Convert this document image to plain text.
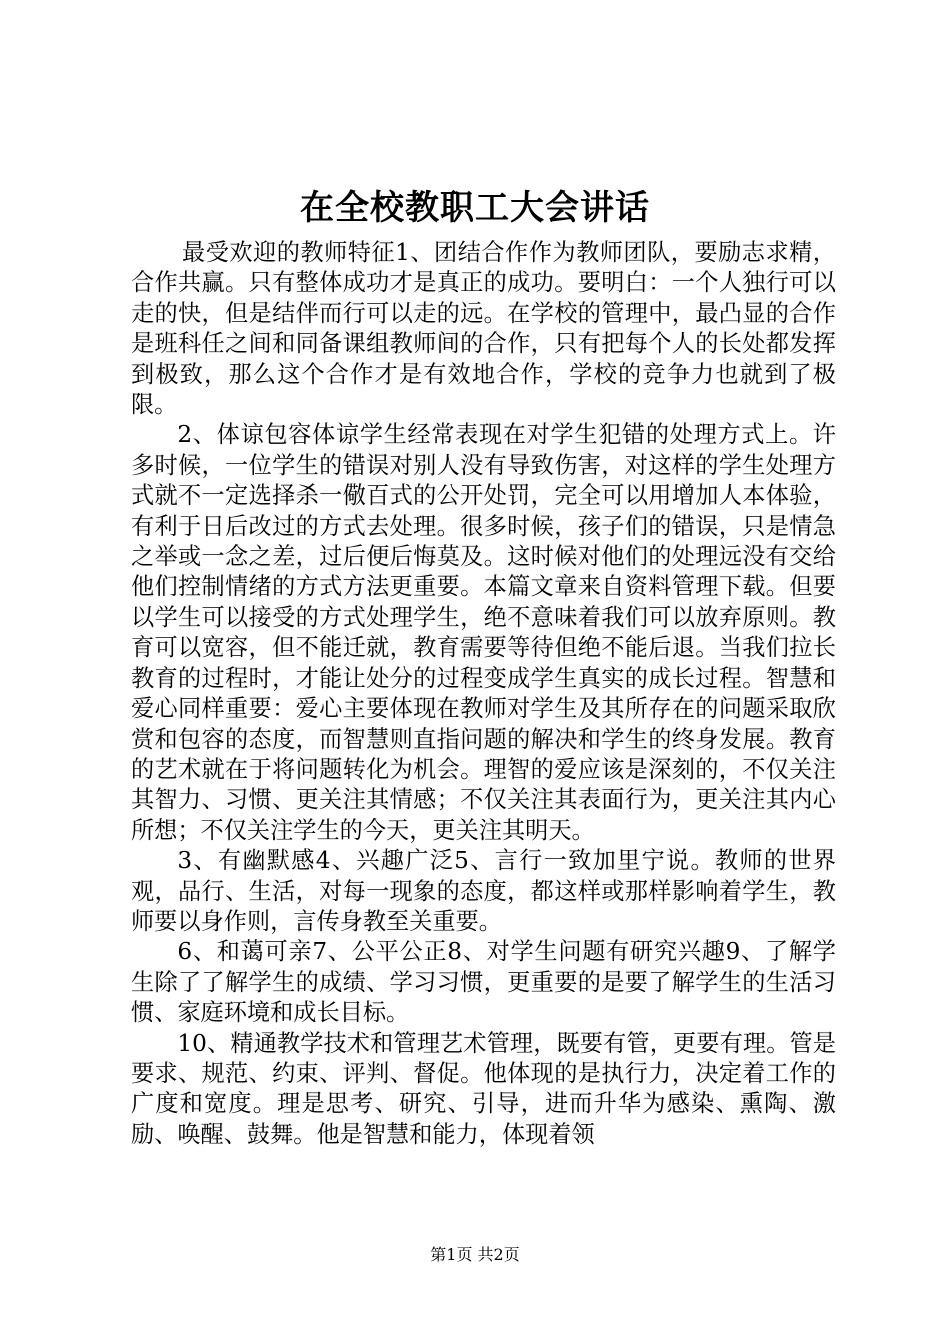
在全校教职工大会讲话

最受欢迎的教师特征1、团结合作作为教师团队，要励志求精，合作共赢。只有整体成功才是真正的成功。要明白：一个人独行可以走的快，但是结伴而行可以走的远。在学校的管理中，最凸显的合作是班科任之间和同备课组教师间的合作，只有把每个人的长处都发挥到极致，那么这个合作才是有效地合作，学校的竞争力也就到了极限。

2、体谅包容体谅学生经常表现在对学生犯错的处理方式上。许多时候，一位学生的错误对别人没有导致伤害，对这样的学生处理方式就不一定选择杀一儆百式的公开处罚，完全可以用增加人本体验，有利于日后改过的方式去处理。很多时候，孩子们的错误，只是情急之举或一念之差，过后便后悔莫及。这时候对他们的处理远没有交给他们控制情绪的方式方法更重要。本篇文章来自资料管理下载。但要以学生可以接受的方式处理学生，绝不意味着我们可以放弃原则。教育可以宽容，但不能迁就，教育需要等待但绝不能后退。当我们拉长教育的过程时，才能让处分的过程变成学生真实的成长过程。智慧和爱心同样重要：爱心主要体现在教师对学生及其所存在的问题采取欣赏和包容的态度，而智慧则直指问题的解决和学生的终身发展。教育的艺术就在于将问题转化为机会。理智的爱应该是深刻的，不仅关注其智力、习惯、更关注其情感；不仅关注其表面行为，更关注其内心所想；不仅关注学生的今天，更关注其明天。

3、有幽默感4、兴趣广泛5、言行一致加里宁说。教师的世界观，品行、生活，对每一现象的态度，都这样或那样影响着学生，教师要以身作则，言传身教至关重要。

6、和蔼可亲7、公平公正8、对学生问题有研究兴趣9、了解学生除了了解学生的成绩、学习习惯，更重要的是要了解学生的生活习惯、家庭环境和成长目标。

10、精通教学技术和管理艺术管理，既要有管，更要有理。管是要求、规范、约束、评判、督促。他体现的是执行力，决定着工作的广度和宽度。理是思考、研究、引导，进而升华为感染、熏陶、激励、唤醒、鼓舞。他是智慧和能力，体现着领

第1页 共2页
